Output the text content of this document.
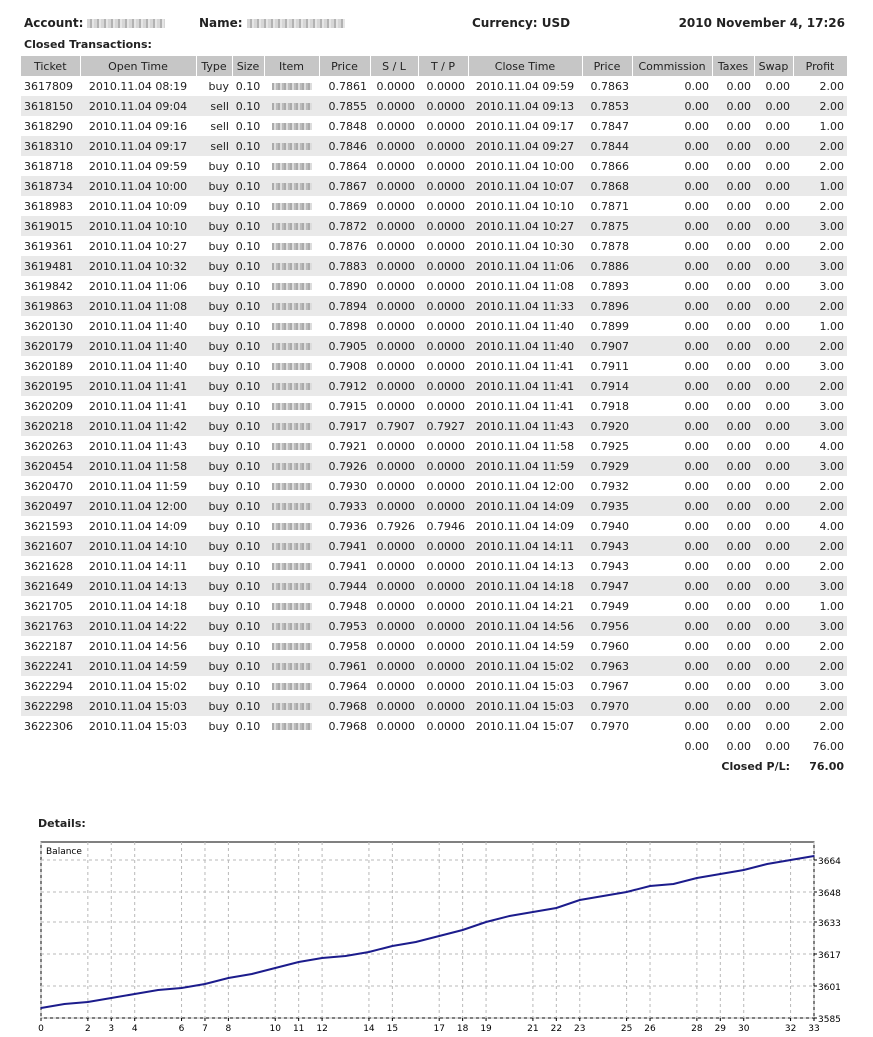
Account:	Name:	Currency: USD	2010 November 4, 17:26
Closed Transactions:
Ticket	Open Time	Type	Size	Item	Price	S / L	T / P	Close Time	Price	Commission	Taxes	Swap	Profit
3617809	2010.11.04 08:19	buy	0.10		0.7861	0.0000	0.0000	2010.11.04 09:59	0.7863	0.00	0.00	0.00	2.00
3618150	2010.11.04 09:04	sell	0.10		0.7855	0.0000	0.0000	2010.11.04 09:13	0.7853	0.00	0.00	0.00	2.00
3618290	2010.11.04 09:16	sell	0.10		0.7848	0.0000	0.0000	2010.11.04 09:17	0.7847	0.00	0.00	0.00	1.00
3618310	2010.11.04 09:17	sell	0.10		0.7846	0.0000	0.0000	2010.11.04 09:27	0.7844	0.00	0.00	0.00	2.00
3618718	2010.11.04 09:59	buy	0.10		0.7864	0.0000	0.0000	2010.11.04 10:00	0.7866	0.00	0.00	0.00	2.00
3618734	2010.11.04 10:00	buy	0.10		0.7867	0.0000	0.0000	2010.11.04 10:07	0.7868	0.00	0.00	0.00	1.00
3618983	2010.11.04 10:09	buy	0.10		0.7869	0.0000	0.0000	2010.11.04 10:10	0.7871	0.00	0.00	0.00	2.00
3619015	2010.11.04 10:10	buy	0.10		0.7872	0.0000	0.0000	2010.11.04 10:27	0.7875	0.00	0.00	0.00	3.00
3619361	2010.11.04 10:27	buy	0.10		0.7876	0.0000	0.0000	2010.11.04 10:30	0.7878	0.00	0.00	0.00	2.00
3619481	2010.11.04 10:32	buy	0.10		0.7883	0.0000	0.0000	2010.11.04 11:06	0.7886	0.00	0.00	0.00	3.00
3619842	2010.11.04 11:06	buy	0.10		0.7890	0.0000	0.0000	2010.11.04 11:08	0.7893	0.00	0.00	0.00	3.00
3619863	2010.11.04 11:08	buy	0.10		0.7894	0.0000	0.0000	2010.11.04 11:33	0.7896	0.00	0.00	0.00	2.00
3620130	2010.11.04 11:40	buy	0.10		0.7898	0.0000	0.0000	2010.11.04 11:40	0.7899	0.00	0.00	0.00	1.00
3620179	2010.11.04 11:40	buy	0.10		0.7905	0.0000	0.0000	2010.11.04 11:40	0.7907	0.00	0.00	0.00	2.00
3620189	2010.11.04 11:40	buy	0.10		0.7908	0.0000	0.0000	2010.11.04 11:41	0.7911	0.00	0.00	0.00	3.00
3620195	2010.11.04 11:41	buy	0.10		0.7912	0.0000	0.0000	2010.11.04 11:41	0.7914	0.00	0.00	0.00	2.00
3620209	2010.11.04 11:41	buy	0.10		0.7915	0.0000	0.0000	2010.11.04 11:41	0.7918	0.00	0.00	0.00	3.00
3620218	2010.11.04 11:42	buy	0.10		0.7917	0.7907	0.7927	2010.11.04 11:43	0.7920	0.00	0.00	0.00	3.00
3620263	2010.11.04 11:43	buy	0.10		0.7921	0.0000	0.0000	2010.11.04 11:58	0.7925	0.00	0.00	0.00	4.00
3620454	2010.11.04 11:58	buy	0.10		0.7926	0.0000	0.0000	2010.11.04 11:59	0.7929	0.00	0.00	0.00	3.00
3620470	2010.11.04 11:59	buy	0.10		0.7930	0.0000	0.0000	2010.11.04 12:00	0.7932	0.00	0.00	0.00	2.00
3620497	2010.11.04 12:00	buy	0.10		0.7933	0.0000	0.0000	2010.11.04 14:09	0.7935	0.00	0.00	0.00	2.00
3621593	2010.11.04 14:09	buy	0.10		0.7936	0.7926	0.7946	2010.11.04 14:09	0.7940	0.00	0.00	0.00	4.00
3621607	2010.11.04 14:10	buy	0.10		0.7941	0.0000	0.0000	2010.11.04 14:11	0.7943	0.00	0.00	0.00	2.00
3621628	2010.11.04 14:11	buy	0.10		0.7941	0.0000	0.0000	2010.11.04 14:13	0.7943	0.00	0.00	0.00	2.00
3621649	2010.11.04 14:13	buy	0.10		0.7944	0.0000	0.0000	2010.11.04 14:18	0.7947	0.00	0.00	0.00	3.00
3621705	2010.11.04 14:18	buy	0.10		0.7948	0.0000	0.0000	2010.11.04 14:21	0.7949	0.00	0.00	0.00	1.00
3621763	2010.11.04 14:22	buy	0.10		0.7953	0.0000	0.0000	2010.11.04 14:56	0.7956	0.00	0.00	0.00	3.00
3622187	2010.11.04 14:56	buy	0.10		0.7958	0.0000	0.0000	2010.11.04 14:59	0.7960	0.00	0.00	0.00	2.00
3622241	2010.11.04 14:59	buy	0.10		0.7961	0.0000	0.0000	2010.11.04 15:02	0.7963	0.00	0.00	0.00	2.00
3622294	2010.11.04 15:02	buy	0.10		0.7964	0.0000	0.0000	2010.11.04 15:03	0.7967	0.00	0.00	0.00	3.00
3622298	2010.11.04 15:03	buy	0.10		0.7968	0.0000	0.0000	2010.11.04 15:03	0.7970	0.00	0.00	0.00	2.00
3622306	2010.11.04 15:03	buy	0.10		0.7968	0.0000	0.0000	2010.11.04 15:07	0.7970	0.00	0.00	0.00	2.00
										0.00	0.00	0.00	76.00
										Closed P/L:			76.00
Details:
3664
3648
3633
3617
3601
3585
0	2 3 4	6 7 8	10 11 12	14 15	17 18 19	21 22 23	25 26	28 29 30	32 33
Balance
